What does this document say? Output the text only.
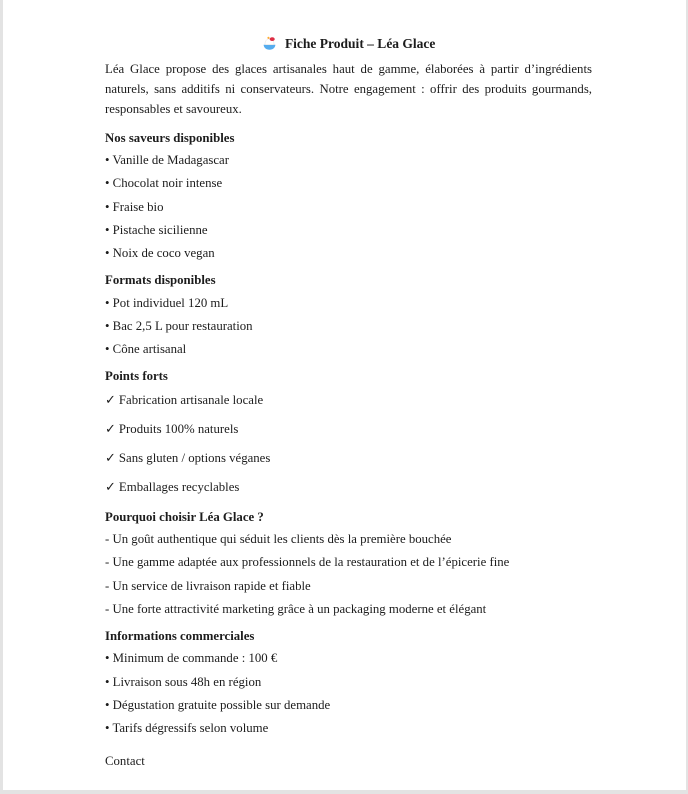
Fiche Produit – Léa Glace

Léa Glace propose des glaces artisanales haut de gamme, élaborées à partir d’ingrédients naturels, sans additifs ni conservateurs. Notre engagement : offrir des produits gourmands, responsables et savoureux.

Nos saveurs disponibles

• Vanille de Madagascar

• Chocolat noir intense

• Fraise bio

• Pistache sicilienne

• Noix de coco vegan

Formats disponibles

• Pot individuel 120 mL

• Bac 2,5 L pour restauration

• Cône artisanal

Points forts

✓ Fabrication artisanale locale

✓ Produits 100% naturels

✓ Sans gluten / options véganes

✓ Emballages recyclables

Pourquoi choisir Léa Glace ?

- Un goût authentique qui séduit les clients dès la première bouchée

- Une gamme adaptée aux professionnels de la restauration et de l’épicerie fine

- Un service de livraison rapide et fiable

- Une forte attractivité marketing grâce à un packaging moderne et élégant

Informations commerciales

• Minimum de commande : 100 €

• Livraison sous 48h en région

• Dégustation gratuite possible sur demande

• Tarifs dégressifs selon volume

Contact
